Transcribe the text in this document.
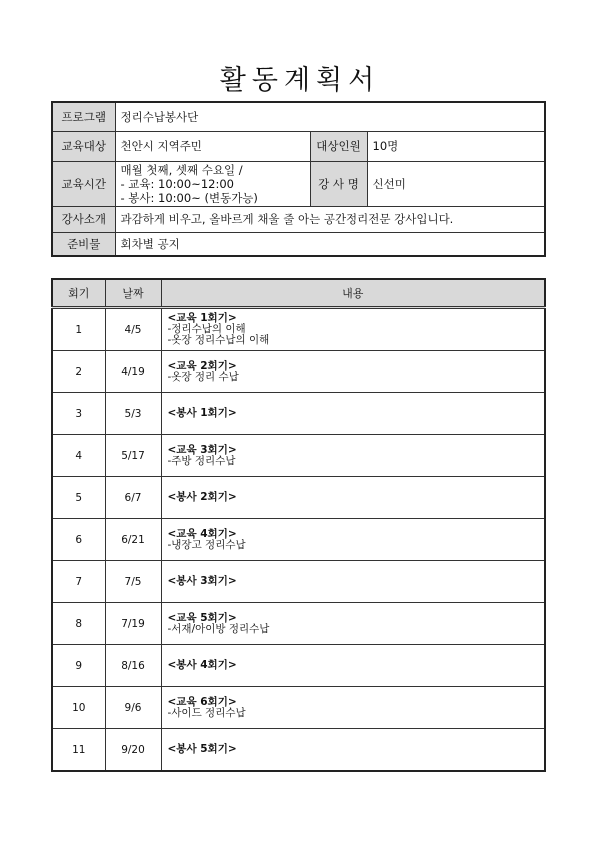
활동계획서
프로그램	정리수납봉사단		
교육대상	천안시 지역주민	대상인원	10명
교육시간	매월 첫째, 셋째 수요일 /
- 교육: 10:00~12:00
- 봉사: 10:00~ (변동가능)	강 사 명	신선미
강사소개	과감하게 비우고, 올바르게 채울 줄 아는 공간정리전문 강사입니다.		
준비물	회차별 공지		
회기	날짜	내용
1	4/5	<교육 1회기>
-정리수납의 이해
-옷장 정리수납의 이해

2	4/19	<교육 2회기>
-옷장 정리 수납

3	5/3	<봉사 1회기>

4	5/17	<교육 3회기>
-주방 정리수납

5	6/7	<봉사 2회기>

6	6/21	<교육 4회기>
-냉장고 정리수납

7	7/5	<봉사 3회기>

8	7/19	<교육 5회기>
-서재/아이방 정리수납

9	8/16	<봉사 4회기>

10	9/6	<교육 6회기>
-사이드 정리수납

11	9/20	<봉사 5회기>
